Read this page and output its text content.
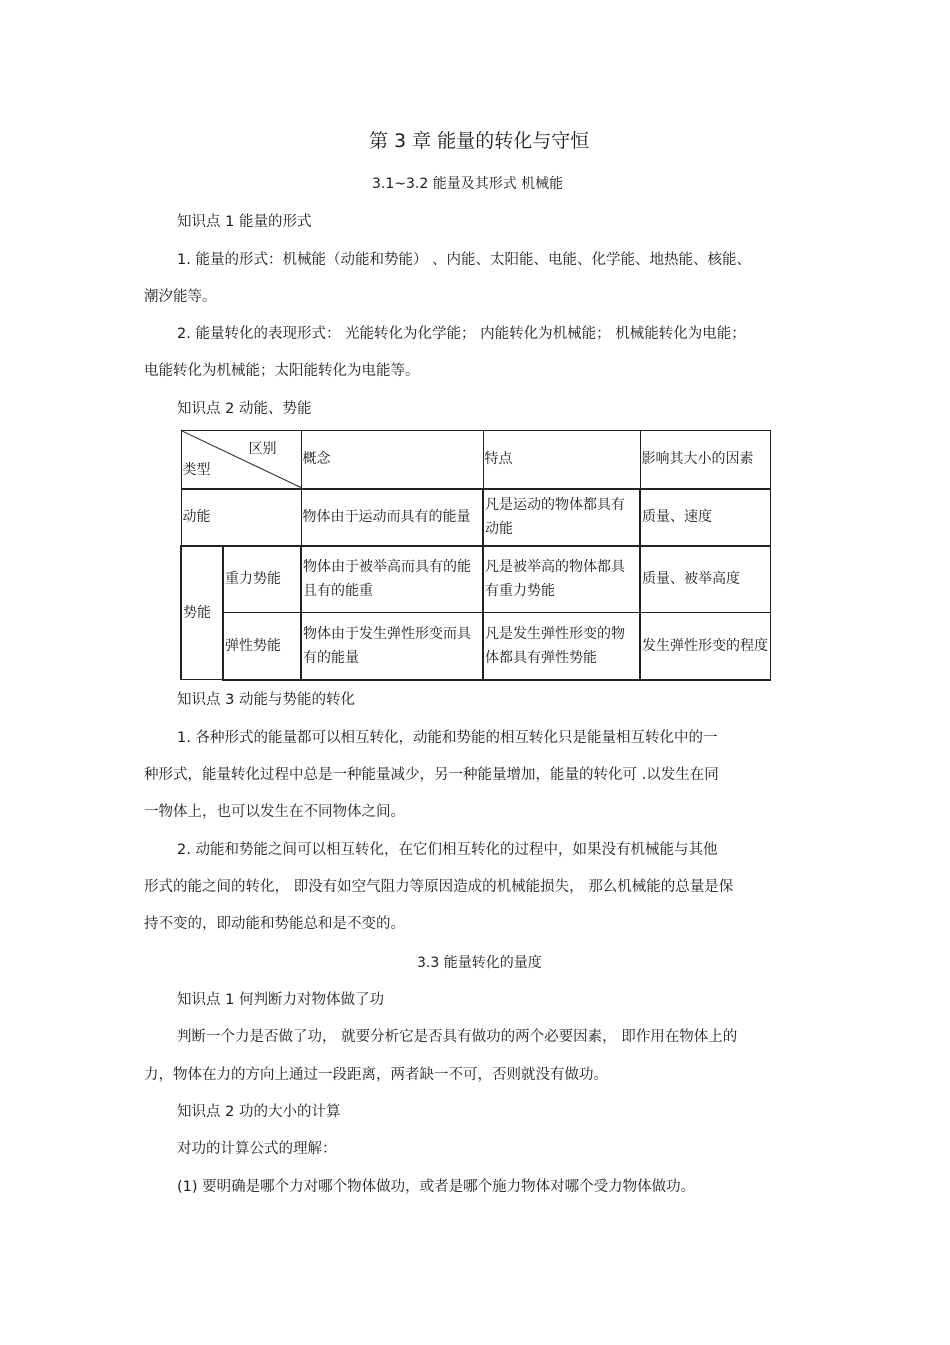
第 3 章 能量的转化与守恒
3.1~3.2 能量及其形式 机械能
知识点 1 能量的形式
1. 能量的形式：机械能（动能和势能） 、内能、太阳能、电能、化学能、地热能、核能、
潮汐能等。
2. 能量转化的表现形式： 光能转化为化学能； 内能转化为机械能； 机械能转化为电能；
电能转化为机械能；太阳能转化为电能等。
知识点 2 动能、势能
区别
类型		概念	特点	影响其大小的因素
动能		物体由于运动而具有的能量	凡是运动的物体都具有动能	质量、速度
势能	重力势能	物体由于被举高而具有的能且有的能重	凡是被举高的物体都具有重力势能	质量、被举高度
	弹性势能	物体由于发生弹性形变而具有的能量	凡是发生弹性形变的物体都具有弹性势能	发生弹性形变的程度
知识点 3 动能与势能的转化
1. 各种形式的能量都可以相互转化，动能和势能的相互转化只是能量相互转化中的一
种形式，能量转化过程中总是一种能量减少，另一种能量增加，能量的转化可 .以发生在同
一物体上，也可以发生在不同物体之间。
2. 动能和势能之间可以相互转化，在它们相互转化的过程中，如果没有机械能与其他
形式的能之间的转化， 即没有如空气阻力等原因造成的机械能损失， 那么机械能的总量是保
持不变的，即动能和势能总和是不变的。
3.3 能量转化的量度
知识点 1 何判断力对物体做了功
判断一个力是否做了功， 就要分析它是否具有做功的两个必要因素， 即作用在物体上的
力，物体在力的方向上通过一段距离，两者缺一不可，否则就没有做功。
知识点 2 功的大小的计算
对功的计算公式的理解：
(1) 要明确是哪个力对哪个物体做功，或者是哪个施力物体对哪个受力物体做功。
